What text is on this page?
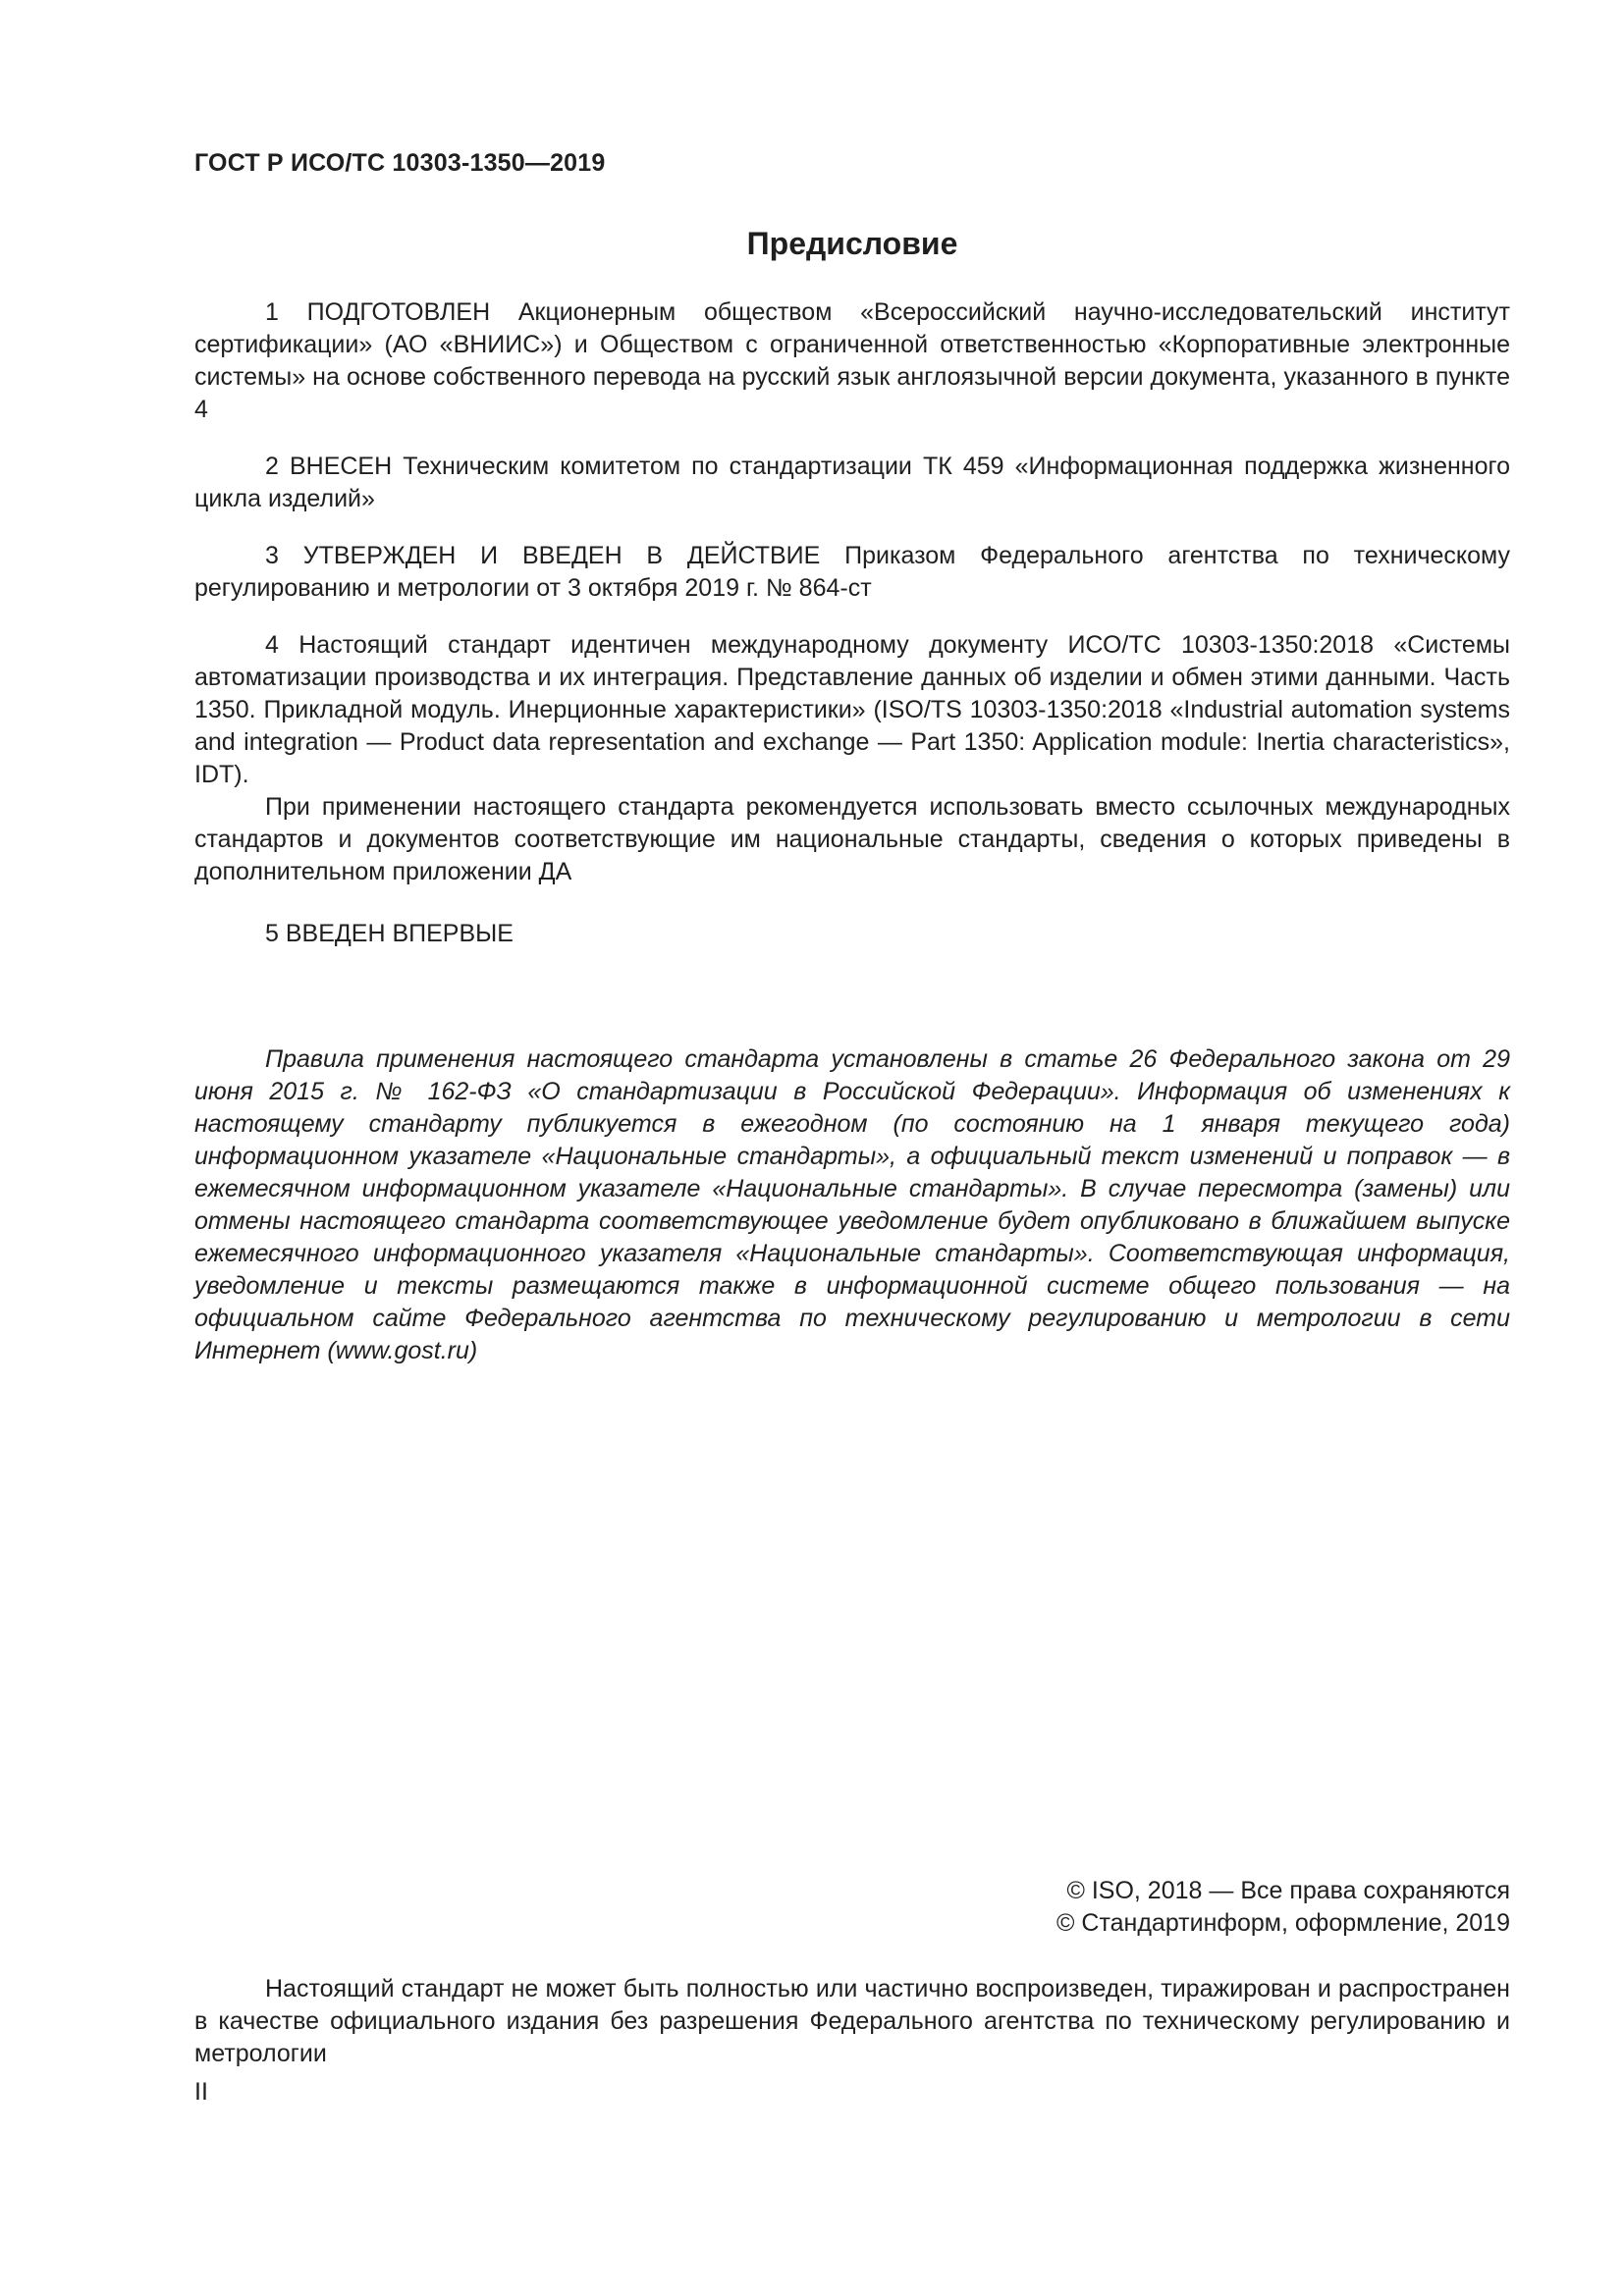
ГОСТ Р ИСО/ТС 10303-1350—2019
Предисловие

1 ПОДГОТОВЛЕН Акционерным обществом «Всероссийский научно-исследовательский институт сертификации» (АО «ВНИИС») и Обществом с ограниченной ответственностью «Корпоративные электронные системы» на основе собственного перевода на русский язык англоязычной версии документа, указанного в пункте 4

2 ВНЕСЕН Техническим комитетом по стандартизации ТК 459 «Информационная поддержка жизненного цикла изделий»

3 УТВЕРЖДЕН И ВВЕДЕН В ДЕЙСТВИЕ Приказом Федерального агентства по техническому регулированию и метрологии от 3 октября 2019 г. № 864-ст

4 Настоящий стандарт идентичен международному документу ИСО/ТС 10303-1350:2018 «Системы автоматизации производства и их интеграция. Представление данных об изделии и обмен этими данными. Часть 1350. Прикладной модуль. Инерционные характеристики» (ISO/TS 10303-1350:2018 «Industrial automation systems and integration — Product data representation and exchange — Part 1350: Application module: Inertia characteristics», IDT).

При применении настоящего стандарта рекомендуется использовать вместо ссылочных международных стандартов и документов соответствующие им национальные стандарты, сведения о которых приведены в дополнительном приложении ДА

5 ВВЕДЕН ВПЕРВЫЕ

Правила применения настоящего стандарта установлены в статье 26 Федерального закона от 29 июня 2015 г. № 162-ФЗ «О стандартизации в Российской Федерации». Информация об изменениях к настоящему стандарту публикуется в ежегодном (по состоянию на 1 января текущего года) информационном указателе «Национальные стандарты», а официальный текст изменений и поправок — в ежемесячном информационном указателе «Национальные стандарты». В случае пересмотра (замены) или отмены настоящего стандарта соответствующее уведомление будет опубликовано в ближайшем выпуске ежемесячного информационного указателя «Национальные стандарты». Соответствующая информация, уведомление и тексты размещаются также в информационной системе общего пользования — на официальном сайте Федерального агентства по техническому регулированию и метрологии в сети Интернет (www.gost.ru)

© ISO, 2018 — Все права сохраняются
© Стандартинформ, оформление, 2019

Настоящий стандарт не может быть полностью или частично воспроизведен, тиражирован и распространен в качестве официального издания без разрешения Федерального агентства по техническому регулированию и метрологии

II
